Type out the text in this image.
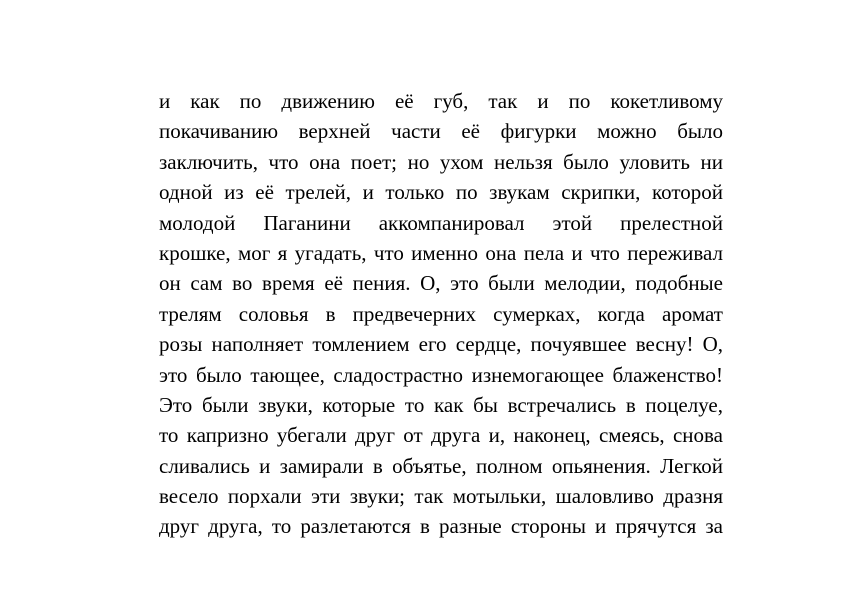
и как по движению её губ, так и по кокетливому
покачиванию верхней части её фигурки можно было
заключить, что она поет; но ухом нельзя было уловить ни
одной из её трелей, и только по звукам скрипки, которой
молодой Паганини аккомпанировал этой прелестной
крошке, мог я угадать, что именно она пела и что переживал
он сам во время её пения. О, это были мелодии, подобные
трелям соловья в предвечерних сумерках, когда аромат
розы наполняет томлением его сердце, почуявшее весну! О,
это было тающее, сладострастно изнемогающее блаженство!
Это были звуки, которые то как бы встречались в поцелуе,
то капризно убегали друг от друга и, наконец, смеясь, снова
сливались и замирали в объятье, полном опьянения. Легкой
весело порхали эти звуки; так мотыльки, шаловливо дразня
друг друга, то разлетаются в разные стороны и прячутся за
